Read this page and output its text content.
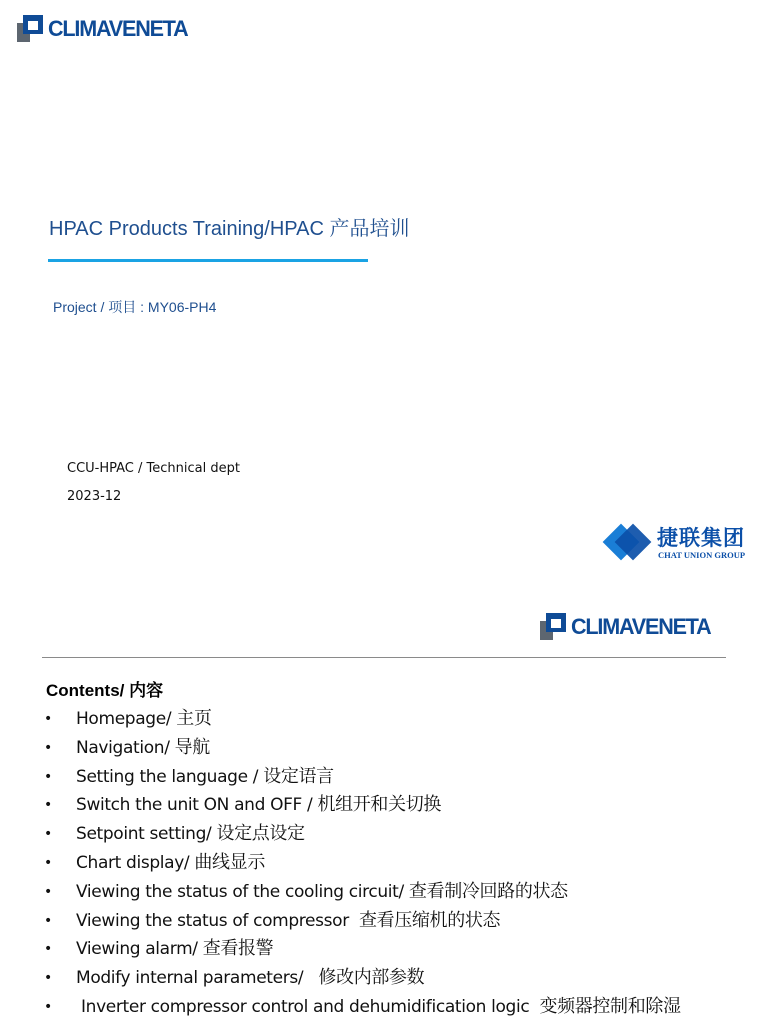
CLIMAVENETA
HPAC Products Training/HPAC 产品培训
Project / 项目 : MY06-PH4
CCU-HPAC / Technical dept
2023-12
捷联集团
CHAT UNION GROUP
CLIMAVENETA
Contents/ 内容
• Homepage/ 主页
• Navigation/ 导航
• Setting the language / 设定语言
• Switch the unit ON and OFF / 机组开和关切换
• Setpoint setting/ 设定点设定
• Chart display/ 曲线显示
• Viewing the status of the cooling circuit/ 查看制冷回路的状态
• Viewing the status of compressor  查看压缩机的状态
• Viewing alarm/ 查看报警
• Modify internal parameters/   修改内部参数
• Inverter compressor control and dehumidification logic  变频器控制和除湿
